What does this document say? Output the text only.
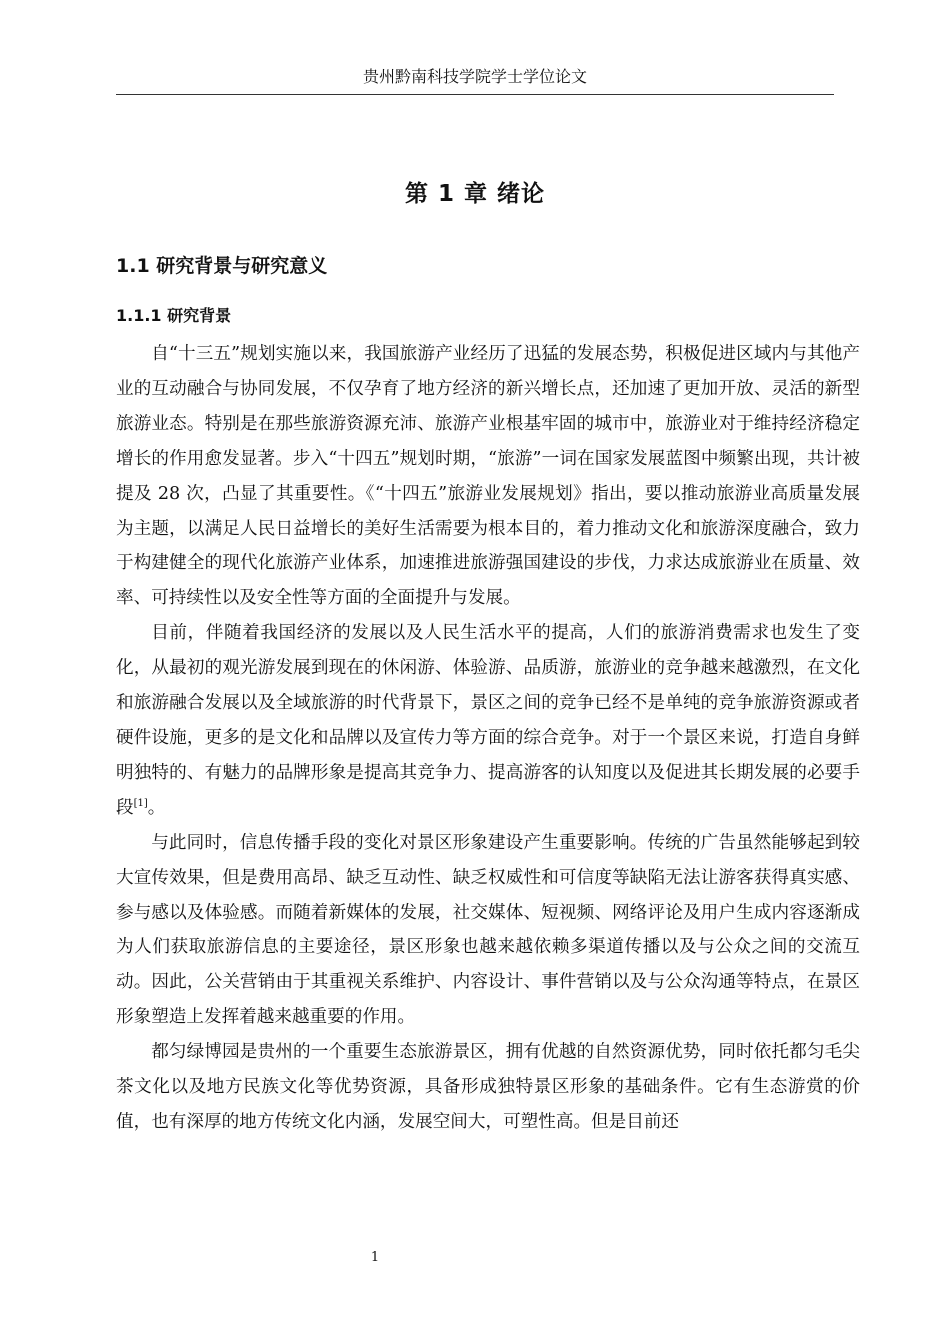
贵州黔南科技学院学士学位论文
第 1 章 绪论
1.1 研究背景与研究意义
1.1.1 研究背景

自“十三五”规划实施以来，我国旅游产业经历了迅猛的发展态势，积极促进区域内与其他产业的互动融合与协同发展，不仅孕育了地方经济的新兴增长点，还加速了更加开放、灵活的新型旅游业态。特别是在那些旅游资源充沛、旅游产业根基牢固的城市中，旅游业对于维持经济稳定增长的作用愈发显著。步入“十四五”规划时期，“旅游”一词在国家发展蓝图中频繁出现，共计被提及 28 次，凸显了其重要性。《“十四五”旅游业发展规划》指出，要以推动旅游业高质量发展为主题，以满足人民日益增长的美好生活需要为根本目的，着力推动文化和旅游深度融合，致力于构建健全的现代化旅游产业体系，加速推进旅游强国建设的步伐，力求达成旅游业在质量、效率、可持续性以及安全性等方面的全面提升与发展。

目前，伴随着我国经济的发展以及人民生活水平的提高，人们的旅游消费需求也发生了变化，从最初的观光游发展到现在的休闲游、体验游、品质游，旅游业的竞争越来越激烈，在文化和旅游融合发展以及全域旅游的时代背景下，景区之间的竞争已经不是单纯的竞争旅游资源或者硬件设施，更多的是文化和品牌以及宣传力等方面的综合竞争。对于一个景区来说，打造自身鲜明独特的、有魅力的品牌形象是提高其竞争力、提高游客的认知度以及促进其长期发展的必要手段[1]。

与此同时，信息传播手段的变化对景区形象建设产生重要影响。传统的广告虽然能够起到较大宣传效果，但是费用高昂、缺乏互动性、缺乏权威性和可信度等缺陷无法让游客获得真实感、参与感以及体验感。而随着新媒体的发展，社交媒体、短视频、网络评论及用户生成内容逐渐成为人们获取旅游信息的主要途径，景区形象也越来越依赖多渠道传播以及与公众之间的交流互动。因此，公关营销由于其重视关系维护、内容设计、事件营销以及与公众沟通等特点，在景区形象塑造上发挥着越来越重要的作用。

都匀绿博园是贵州的一个重要生态旅游景区，拥有优越的自然资源优势，同时依托都匀毛尖茶文化以及地方民族文化等优势资源，具备形成独特景区形象的基础条件。它有生态游赏的价值，也有深厚的地方传统文化内涵，发展空间大，可塑性高。但是目前还

1
